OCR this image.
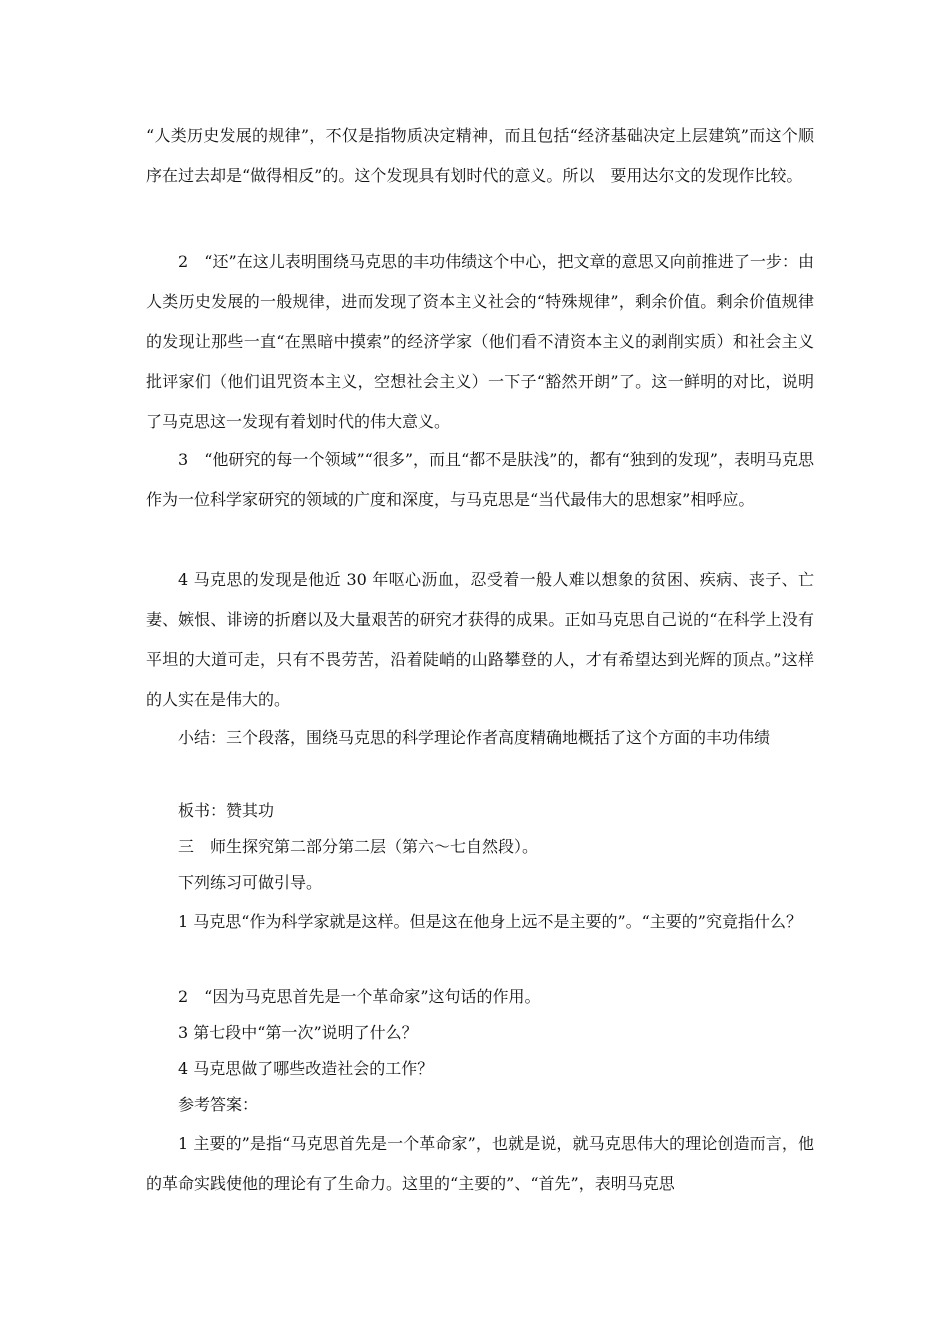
“人类历史发展的规律”，不仅是指物质决定精神，而且包括“经济基础决定上层建筑”而这个顺序在过去却是“做得相反”的。这个发现具有划时代的意义。所以　要用达尔文的发现作比较。
2　“还”在这儿表明围绕马克思的丰功伟绩这个中心，把文章的意思又向前推进了一步：由人类历史发展的一般规律，进而发现了资本主义社会的“特殊规律”，剩余价值。剩余价值规律的发现让那些一直“在黑暗中摸索”的经济学家（他们看不清资本主义的剥削实质）和社会主义批评家们（他们诅咒资本主义，空想社会主义）一下子“豁然开朗”了。这一鲜明的对比，说明了马克思这一发现有着划时代的伟大意义。
3　“他研究的每一个领域”“很多”，而且“都不是肤浅”的，都有“独到的发现”，表明马克思作为一位科学家研究的领域的广度和深度，与马克思是“当代最伟大的思想家”相呼应。
4 马克思的发现是他近 30 年呕心沥血，忍受着一般人难以想象的贫困、疾病、丧子、亡妻、嫉恨、诽谤的折磨以及大量艰苦的研究才获得的成果。正如马克思自己说的“在科学上没有平坦的大道可走，只有不畏劳苦，沿着陡峭的山路攀登的人，才有希望达到光辉的顶点。”这样的人实在是伟大的。
小结：三个段落，围绕马克思的科学理论作者高度精确地概括了这个方面的丰功伟绩
板书：赞其功
三　师生探究第二部分第二层（第六～七自然段）。
下列练习可做引导。
1 马克思“作为科学家就是这样。但是这在他身上远不是主要的”。“主要的”究竟指什么？
2　“因为马克思首先是一个革命家”这句话的作用。
3 第七段中“第一次”说明了什么？
4 马克思做了哪些改造社会的工作？
参考答案：
1 主要的”是指“马克思首先是一个革命家”，也就是说，就马克思伟大的理论创造而言，他的革命实践使他的理论有了生命力。这里的“主要的”、“首先”，表明马克思
